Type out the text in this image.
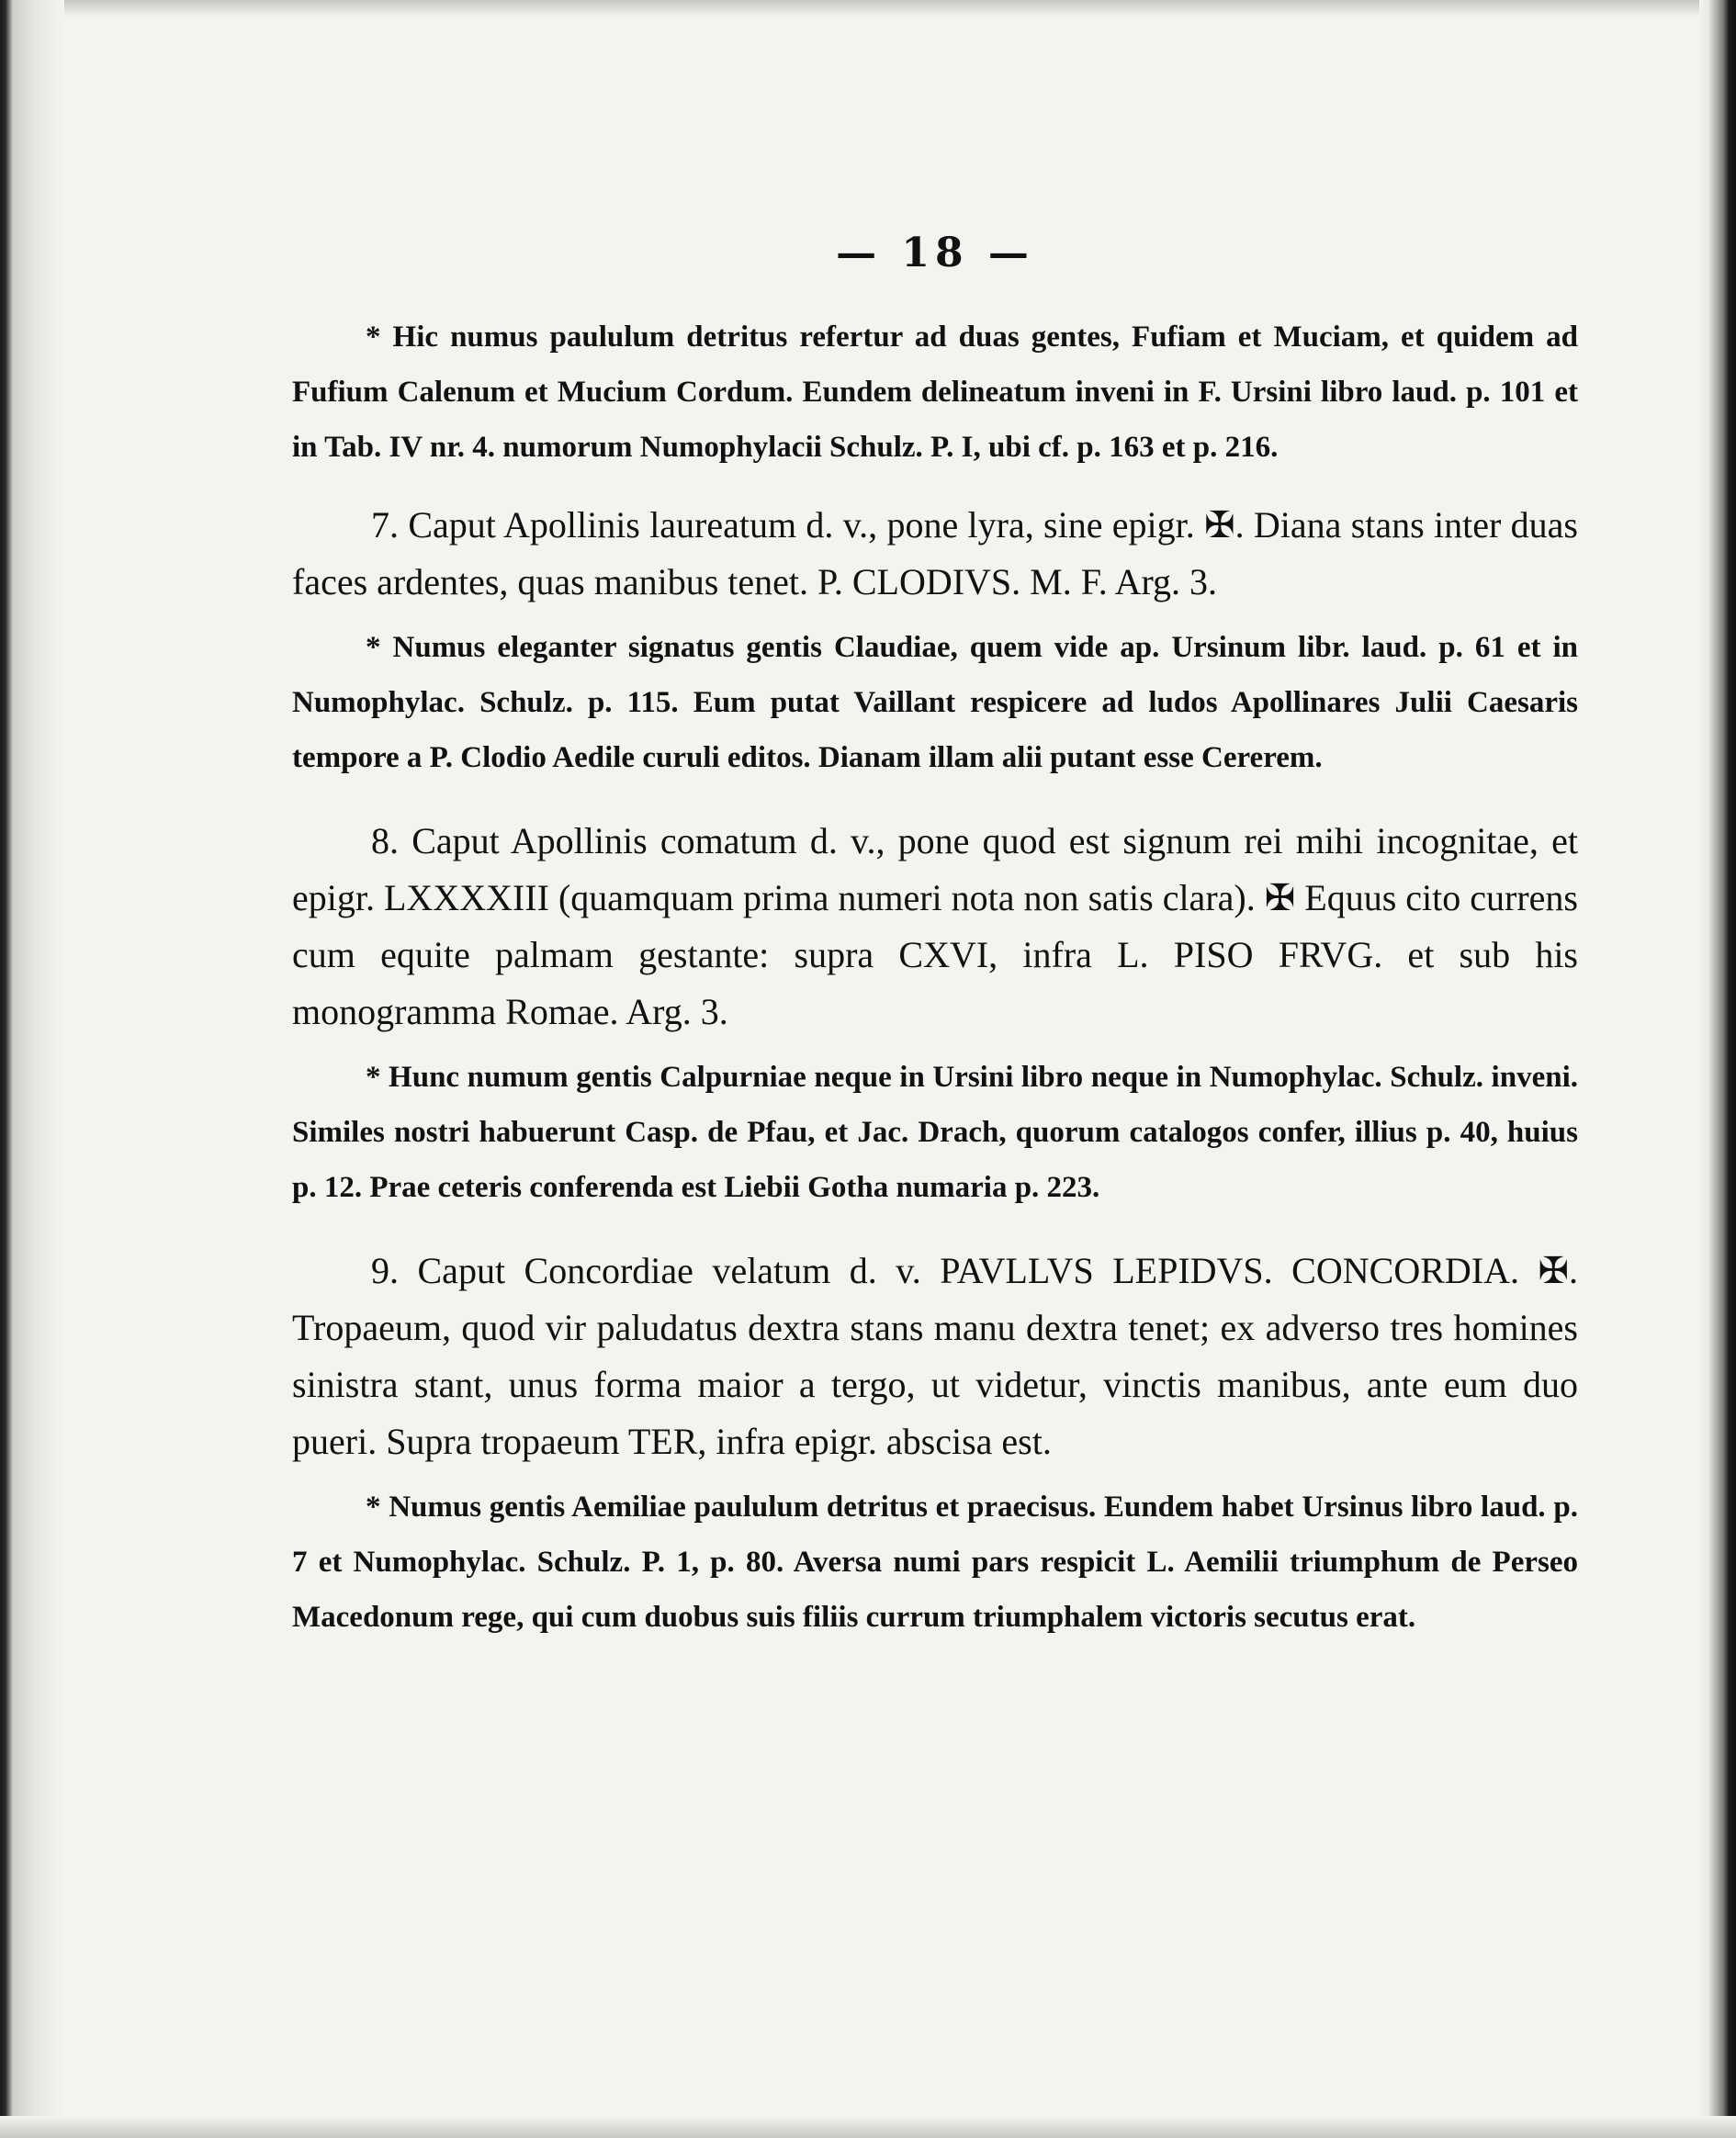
— 18 —

* Hic numus paululum detritus refertur ad duas gentes, Fufiam et Muciam, et quidem ad Fufium Calenum et Mucium Cordum. Eundem delineatum inveni in F. Ursini libro laud. p. 101 et in Tab. IV nr. 4. numorum Numophylacii Schulz. P. I, ubi cf. p. 163 et p. 216.

7. Caput Apollinis laureatum d. v., pone lyra, sine epigr. ✠. Diana stans inter duas faces ardentes, quas manibus tenet. P. CLODIVS. M. F. Arg. 3.

* Numus eleganter signatus gentis Claudiae, quem vide ap. Ursinum libr. laud. p. 61 et in Numophylac. Schulz. p. 115. Eum putat Vaillant respicere ad ludos Apollinares Julii Caesaris tempore a P. Clodio Aedile curuli editos. Dianam illam alii putant esse Cererem.

8. Caput Apollinis comatum d. v., pone quod est signum rei mihi incognitae, et epigr. LXXXXIII (quamquam prima numeri nota non satis clara). ✠ Equus cito currens cum equite palmam gestante: supra CXVI, infra L. PISO FRVG. et sub his monogramma Romae. Arg. 3.

* Hunc numum gentis Calpurniae neque in Ursini libro neque in Numophylac. Schulz. inveni. Similes nostri habuerunt Casp. de Pfau, et Jac. Drach, quorum catalogos confer, illius p. 40, huius p. 12. Prae ceteris conferenda est Liebii Gotha numaria p. 223.

9. Caput Concordiae velatum d. v. PAVLLVS LEPIDVS. CONCORDIA. ✠. Tropaeum, quod vir paludatus dextra stans manu dextra tenet; ex adverso tres homines sinistra stant, unus forma maior a tergo, ut videtur, vinctis manibus, ante eum duo pueri. Supra tropaeum TER, infra epigr. abscisa est.

* Numus gentis Aemiliae paululum detritus et praecisus. Eundem habet Ursinus libro laud. p. 7 et Numophylac. Schulz. P. 1, p. 80. Aversa numi pars respicit L. Aemilii triumphum de Perseo Macedonum rege, qui cum duobus suis filiis currum triumphalem victoris secutus erat.
